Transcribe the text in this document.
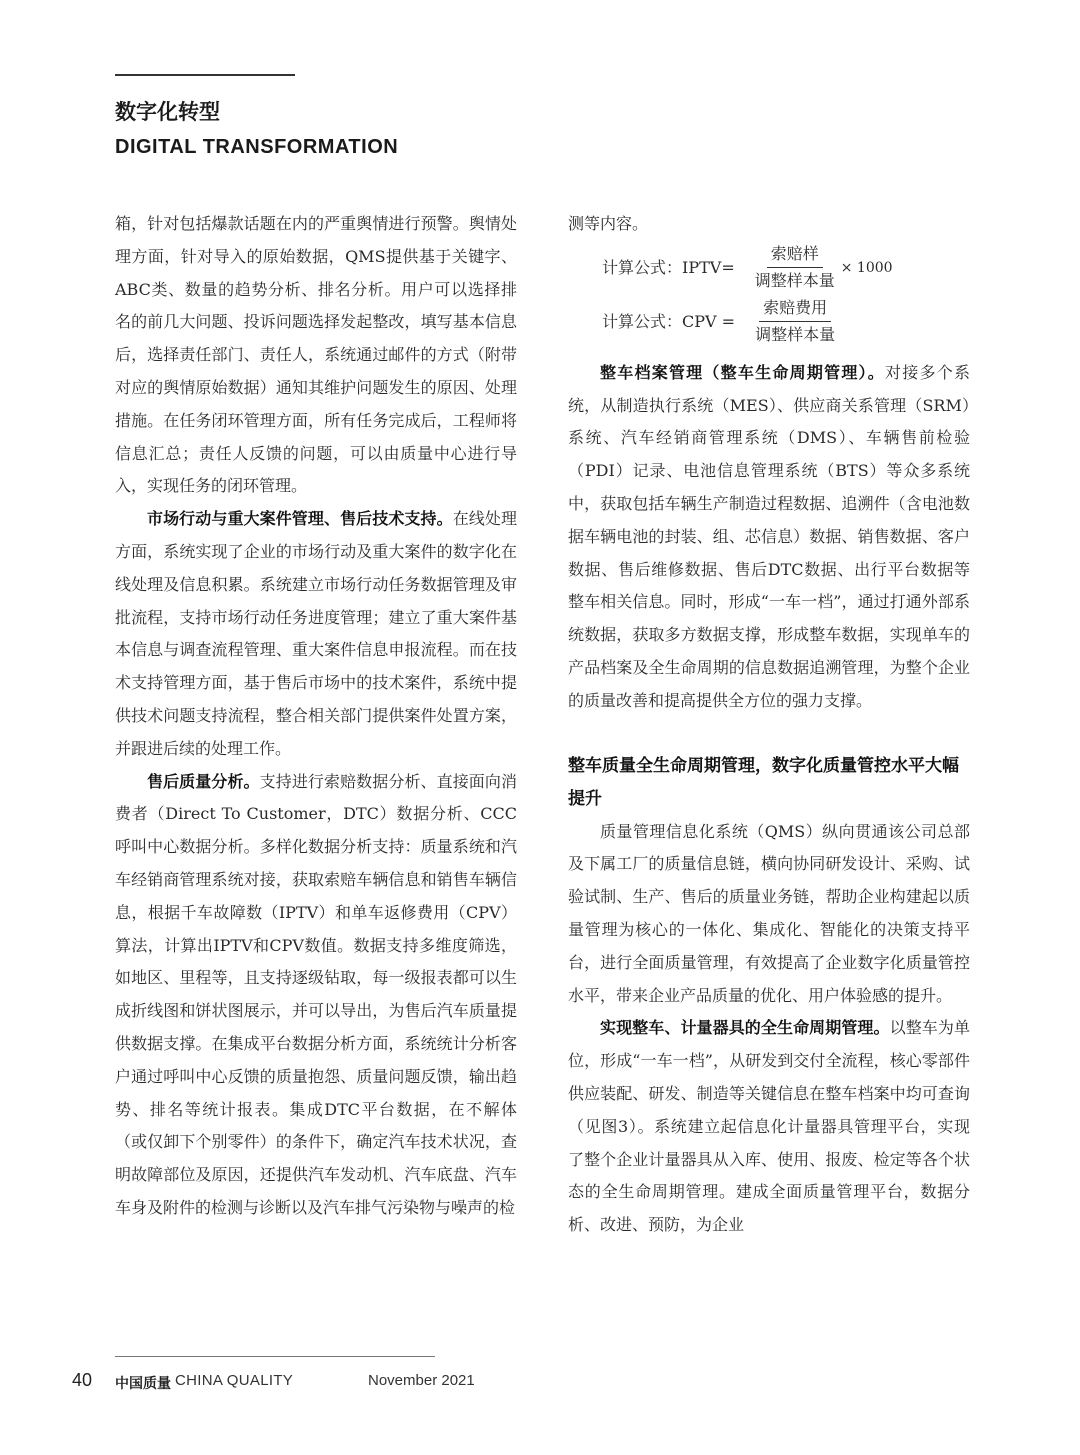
数字化转型
DIGITAL TRANSFORMATION

箱，针对包括爆款话题在内的严重舆情进行预警。舆情处理方面，针对导入的原始数据，QMS提供基于关键字、ABC类、数量的趋势分析、排名分析。用户可以选择排名的前几大问题、投诉问题选择发起整改，填写基本信息后，选择责任部门、责任人，系统通过邮件的方式（附带对应的舆情原始数据）通知其维护问题发生的原因、处理措施。在任务闭环管理方面，所有任务完成后，工程师将信息汇总；责任人反馈的问题，可以由质量中心进行导入，实现任务的闭环管理。

市场行动与重大案件管理、售后技术支持。在线处理方面，系统实现了企业的市场行动及重大案件的数字化在线处理及信息积累。系统建立市场行动任务数据管理及审批流程，支持市场行动任务进度管理；建立了重大案件基本信息与调查流程管理、重大案件信息申报流程。而在技术支持管理方面，基于售后市场中的技术案件，系统中提供技术问题支持流程，整合相关部门提供案件处置方案，并跟进后续的处理工作。

售后质量分析。支持进行索赔数据分析、直接面向消费者（Direct To Customer，DTC）数据分析、CCC呼叫中心数据分析。多样化数据分析支持：质量系统和汽车经销商管理系统对接，获取索赔车辆信息和销售车辆信息，根据千车故障数（IPTV）和单车返修费用（CPV）算法，计算出IPTV和CPV数值。数据支持多维度筛选，如地区、里程等，且支持逐级钻取，每一级报表都可以生成折线图和饼状图展示，并可以导出，为售后汽车质量提供数据支撑。在集成平台数据分析方面，系统统计分析客户通过呼叫中心反馈的质量抱怨、质量问题反馈，输出趋势、排名等统计报表。集成DTC平台数据，在不解体（或仅卸下个别零件）的条件下，确定汽车技术状况，查明故障部位及原因，还提供汽车发动机、汽车底盘、汽车车身及附件的检测与诊断以及汽车排气污染物与噪声的检

测等内容。

计算公式：IPTV= $\frac{\text{索赔样}}{\text{调整样本量}} \times 1000$
计算公式：CPV = $\frac{\text{索赔费用}}{\text{调整样本量}}$

整车档案管理（整车生命周期管理）。对接多个系统，从制造执行系统（MES）、供应商关系管理（SRM）系统、汽车经销商管理系统（DMS）、车辆售前检验（PDI）记录、电池信息管理系统（BTS）等众多系统中，获取包括车辆生产制造过程数据、追溯件（含电池数据车辆电池的封装、组、芯信息）数据、销售数据、客户数据、售后维修数据、售后DTC数据、出行平台数据等整车相关信息。同时，形成“一车一档”，通过打通外部系统数据，获取多方数据支撑，形成整车数据，实现单车的产品档案及全生命周期的信息数据追溯管理，为整个企业的质量改善和提高提供全方位的强力支撑。

整车质量全生命周期管理，数字化质量管控水平大幅提升

质量管理信息化系统（QMS）纵向贯通该公司总部及下属工厂的质量信息链，横向协同研发设计、采购、试验试制、生产、售后的质量业务链，帮助企业构建起以质量管理为核心的一体化、集成化、智能化的决策支持平台，进行全面质量管理，有效提高了企业数字化质量管控水平，带来企业产品质量的优化、用户体验感的提升。

实现整车、计量器具的全生命周期管理。以整车为单位，形成“一车一档”，从研发到交付全流程，核心零部件供应装配、研发、制造等关键信息在整车档案中均可查询（见图3）。系统建立起信息化计量器具管理平台，实现了整个企业计量器具从入库、使用、报废、检定等各个状态的全生命周期管理。建成全面质量管理平台，数据分析、改进、预防，为企业

40 中国质量 CHINA QUALITY	November 2021
